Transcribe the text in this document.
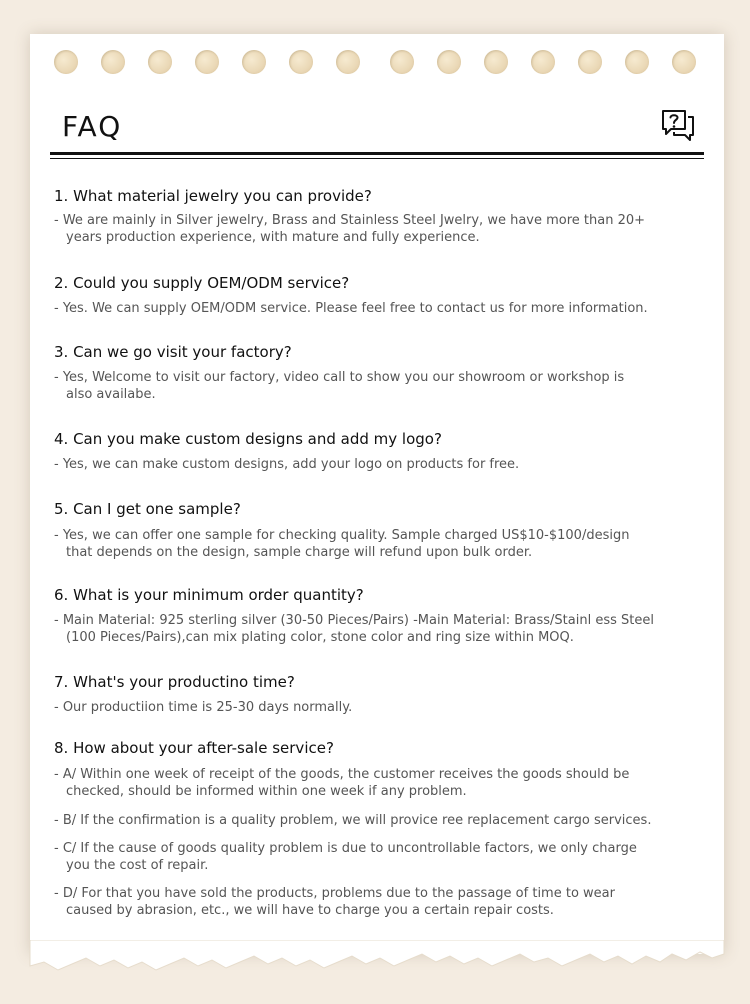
FAQ
1. What material jewelry you can provide?
- We are mainly in Silver jewelry, Brass and Stainless Steel Jwelry, we have more than 20+
years production experience, with mature and fully experience.
2. Could you supply OEM/ODM service?
- Yes. We can supply OEM/ODM service. Please feel free to contact us for more information.
3. Can we go visit your factory?
- Yes, Welcome to visit our factory, video call to show you our showroom or workshop is
also availabe.
4. Can you make custom designs and add my logo?
- Yes, we can make custom designs, add your logo on products for free.
5. Can I get one sample?
- Yes, we can offer one sample for checking quality. Sample charged US$10-$100/design
that depends on the design, sample charge will refund upon bulk order.
6. What is your minimum order quantity?
- Main Material: 925 sterling silver (30-50 Pieces/Pairs) -Main Material: Brass/Stainl ess Steel
(100 Pieces/Pairs),can mix plating color, stone color and ring size within MOQ.
7. What's your productino time?
- Our productiion time is 25-30 days normally.
8. How about your after-sale service?
- A/ Within one week of receipt of the goods, the customer receives the goods should be
checked, should be informed within one week if any problem.
- B/ If the confirmation is a quality problem, we will provice ree replacement cargo services.
- C/ If the cause of goods quality problem is due to uncontrollable factors, we only charge
you the cost of repair.
- D/ For that you have sold the products, problems due to the passage of time to wear
caused by abrasion, etc., we will have to charge you a certain repair costs.
